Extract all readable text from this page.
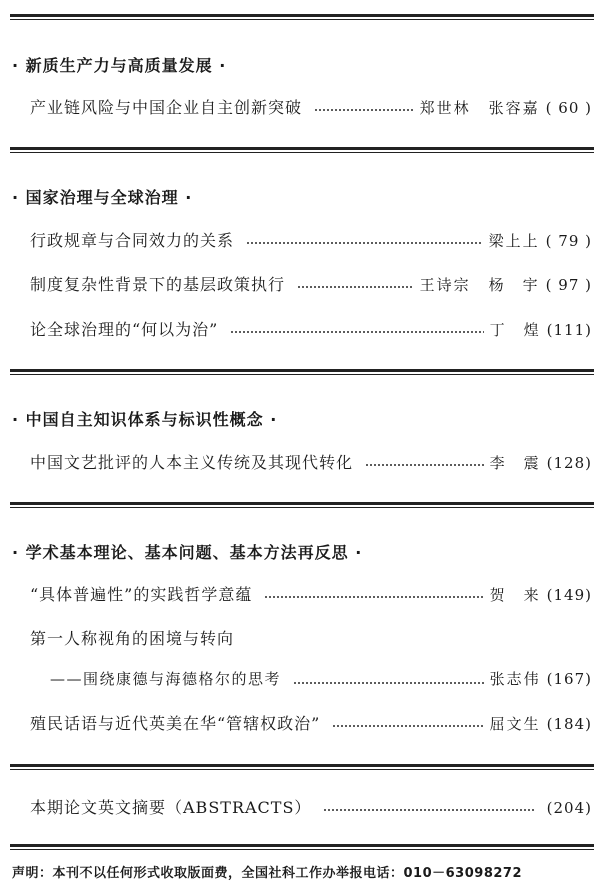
· 新质生产力与高质量发展 ·
产业链风险与中国企业自主创新突破	郑世林 张容嘉 ( 60 )
· 国家治理与全球治理 ·
行政规章与合同效力的关系	梁上上 ( 79 )
制度复杂性背景下的基层政策执行	王诗宗 杨　宇 ( 97 )
论全球治理的“何以为治”	丁　煌 (111)
· 中国自主知识体系与标识性概念 ·
中国文艺批评的人本主义传统及其现代转化	李　震 (128)
· 学术基本理论、基本问题、基本方法再反思 ·
“具体普遍性”的实践哲学意蕴	贺　来 (149)
第一人称视角的困境与转向
——围绕康德与海德格尔的思考	张志伟 (167)
殖民话语与近代英美在华“管辖权政治”	屈文生 (184)
本期论文英文摘要（ABSTRACTS）	(204)
声明：本刊不以任何形式收取版面费，全国社科工作办举报电话：010－63098272
